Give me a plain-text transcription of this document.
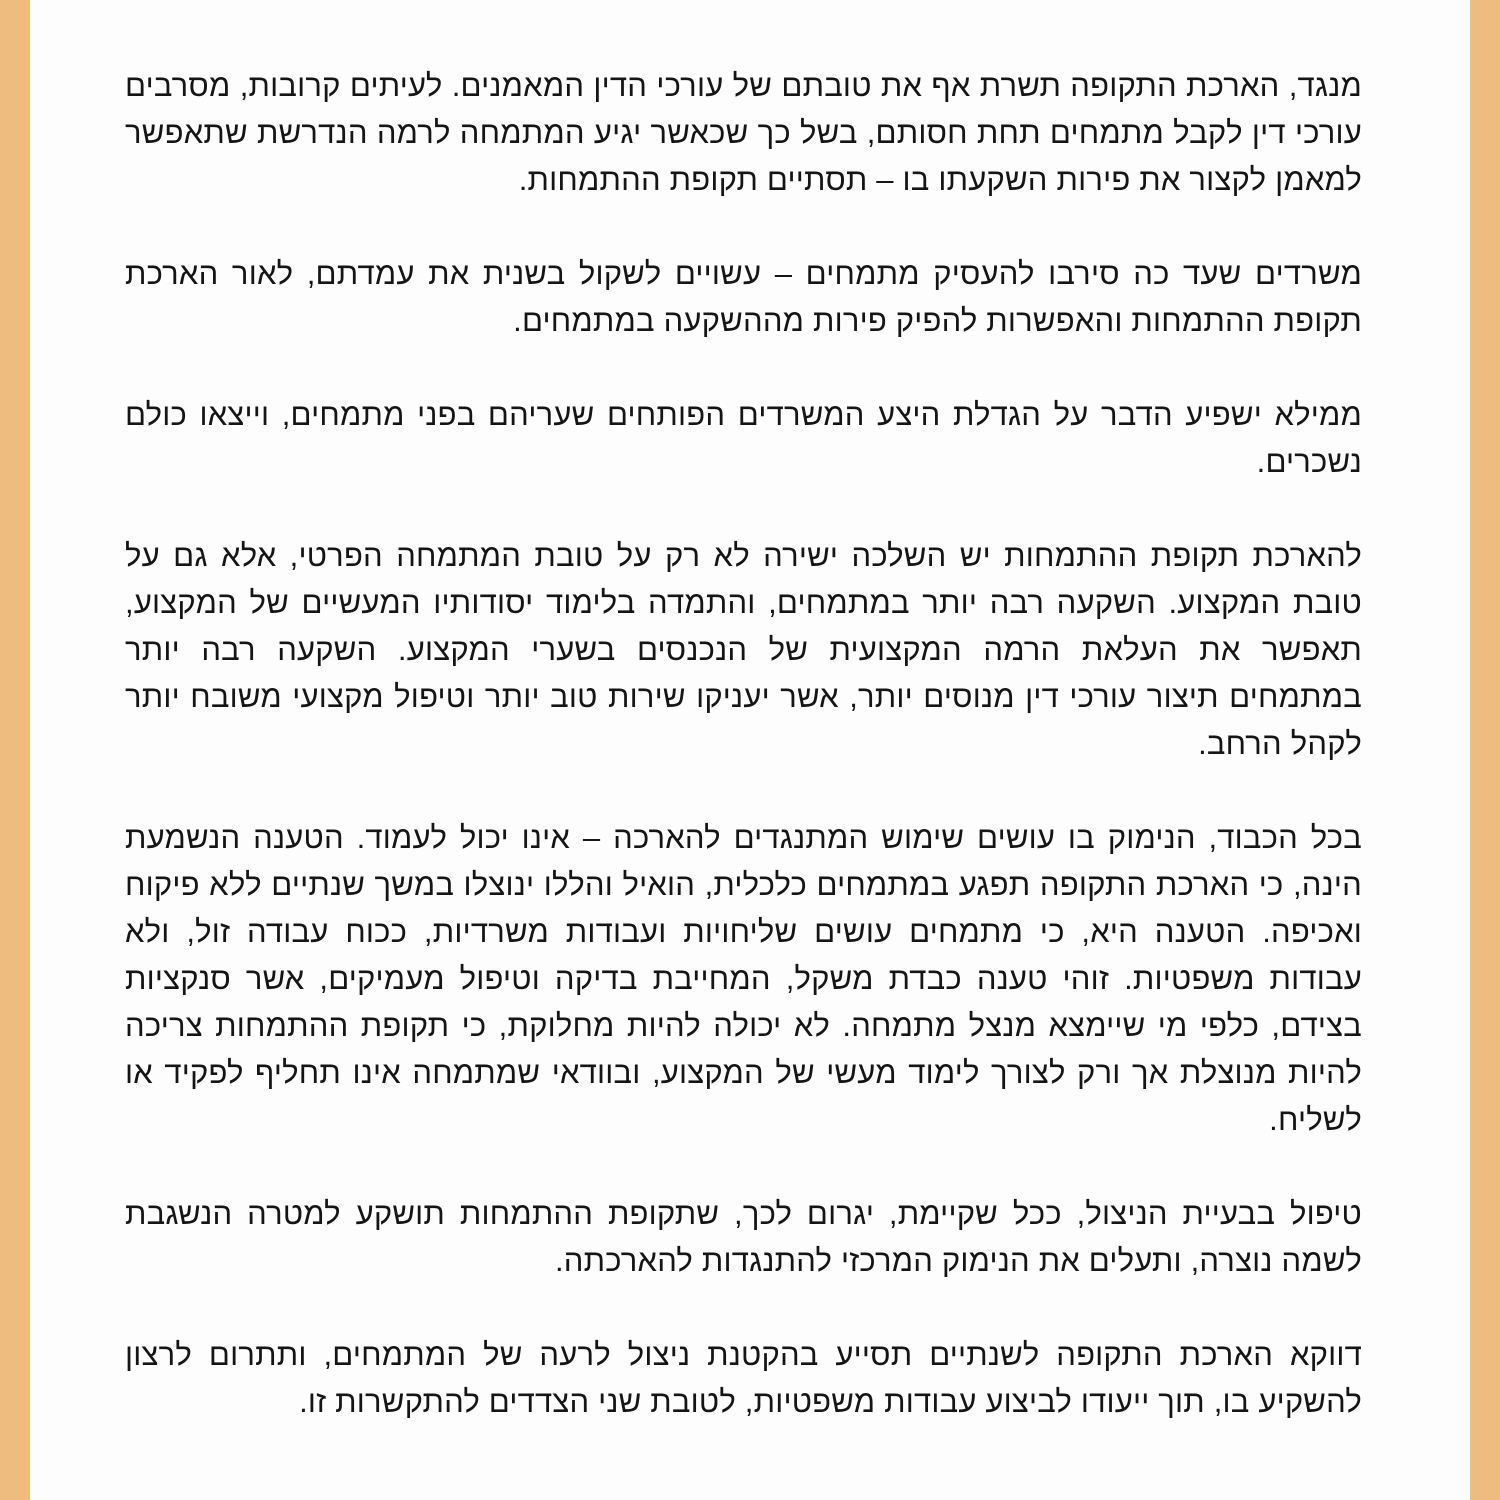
מנגד, הארכת התקופה תשרת אף את טובתם של עורכי הדין המאמנים. לעיתים קרובות, מסרבים עורכי דין לקבל מתמחים תחת חסותם, בשל כך שכאשר יגיע המתמחה לרמה הנדרשת שתאפשר למאמן לקצור את פירות השקעתו בו – תסתיים תקופת ההתמחות.

משרדים שעד כה סירבו להעסיק מתמחים – עשויים לשקול בשנית את עמדתם, לאור הארכת תקופת ההתמחות והאפשרות להפיק פירות מההשקעה במתמחים.

ממילא ישפיע הדבר על הגדלת היצע המשרדים הפותחים שעריהם בפני מתמחים, וייצאו כולם נשכרים.

להארכת תקופת ההתמחות יש השלכה ישירה לא רק על טובת המתמחה הפרטי, אלא גם על טובת המקצוע. השקעה רבה יותר במתמחים, והתמדה בלימוד יסודותיו המעשיים של המקצוע, תאפשר את העלאת הרמה המקצועית של הנכנסים בשערי המקצוע. השקעה רבה יותר במתמחים תיצור עורכי דין מנוסים יותר, אשר יעניקו שירות טוב יותר וטיפול מקצועי משובח יותר לקהל הרחב.

בכל הכבוד, הנימוק בו עושים שימוש המתנגדים להארכה – אינו יכול לעמוד. הטענה הנשמעת הינה, כי הארכת התקופה תפגע במתמחים כלכלית, הואיל והללו ינוצלו במשך שנתיים ללא פיקוח ואכיפה. הטענה היא, כי מתמחים עושים שליחויות ועבודות משרדיות, ככוח עבודה זול, ולא עבודות משפטיות. זוהי טענה כבדת משקל, המחייבת בדיקה וטיפול מעמיקים, אשר סנקציות בצידם, כלפי מי שיימצא מנצל מתמחה. לא יכולה להיות מחלוקת, כי תקופת ההתמחות צריכה להיות מנוצלת אך ורק לצורך לימוד מעשי של המקצוע, ובוודאי שמתמחה אינו תחליף לפקיד או לשליח.

טיפול בבעיית הניצול, ככל שקיימת, יגרום לכך, שתקופת ההתמחות תושקע למטרה הנשגבת לשמה נוצרה, ותעלים את הנימוק המרכזי להתנגדות להארכתה.

דווקא הארכת התקופה לשנתיים תסייע בהקטנת ניצול לרעה של המתמחים, ותתרום לרצון להשקיע בו, תוך ייעודו לביצוע עבודות משפטיות, לטובת שני הצדדים להתקשרות זו.
